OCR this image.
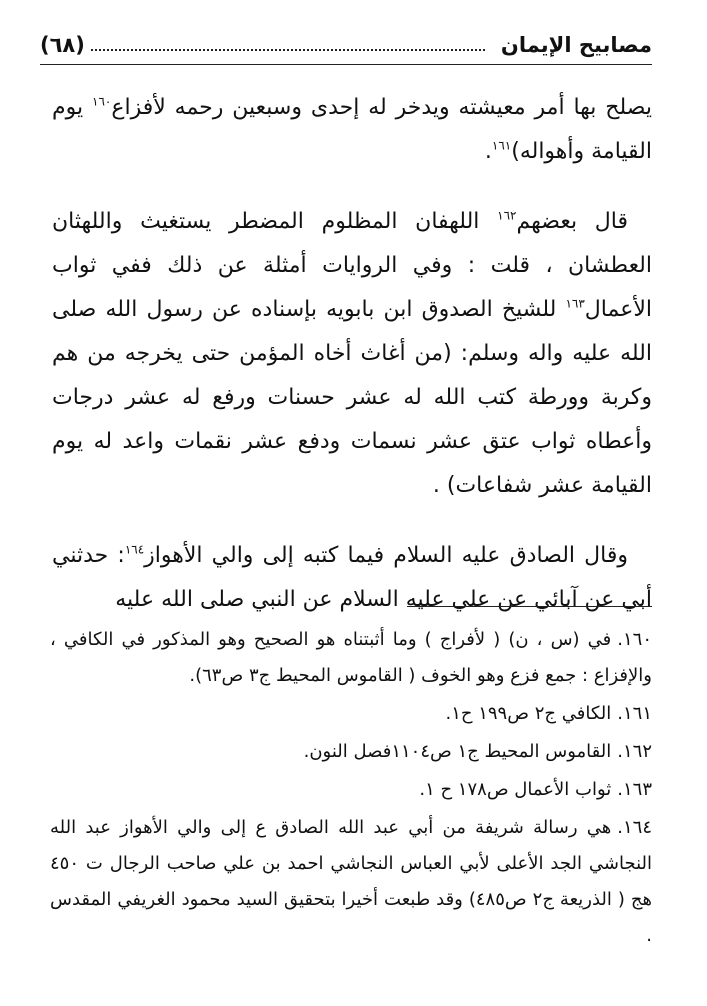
مصابيح الإيمان
(٦٨)

يصلح بها أمر معيشته ويدخر له إحدى وسبعين رحمه لأفزاع$^{١٦٠}$ يوم القيامة وأهواله)$^{١٦١}$.

قال بعضهم$^{١٦٢}$ اللهفان المظلوم المضطر يستغيث واللهثان العطشان ، قلت : وفي الروايات أمثلة عن ذلك ففي ثواب الأعمال$^{١٦٣}$ للشيخ الصدوق ابن بابويه بإسناده عن رسول الله صلى الله عليه واله وسلم: (من أغاث أخاه المؤمن حتى يخرجه من هم وكربة وورطة كتب الله له عشر حسنات ورفع له عشر درجات وأعطاه ثواب عتق عشر نسمات ودفع عشر نقمات واعد له يوم القيامة عشر شفاعات) .

وقال الصادق عليه السلام فيما كتبه إلى والي الأهواز$^{١٦٤}$: حدثني أبي عن آبائي عن علي عليه السلام عن النبي صلى الله عليه

١٦٠.في (س ، ن) ( لأفراج ) وما أثبتناه هو الصحيح وهو المذكور في الكافي ، والإفزاع : جمع فزع وهو الخوف ( القاموس المحيط ج٣ ص٦٣).
١٦١.الكافي ج٢ ص١٩٩ ح١.
١٦٢.القاموس المحيط ج١ ص١١٠٤فصل النون.
١٦٣.ثواب الأعمال ص١٧٨ ح ١.
١٦٤.هي رسالة شريفة من أبي عبد الله الصادق ع إلى والي الأهواز عبد الله النجاشي الجد الأعلى لأبي العباس النجاشي احمد بن علي صاحب الرجال ت ٤٥٠ هج ( الذريعة ج٢ ص٤٨٥) وقد طبعت أخيرا بتحقيق السيد محمود الغريفي المقدس .
